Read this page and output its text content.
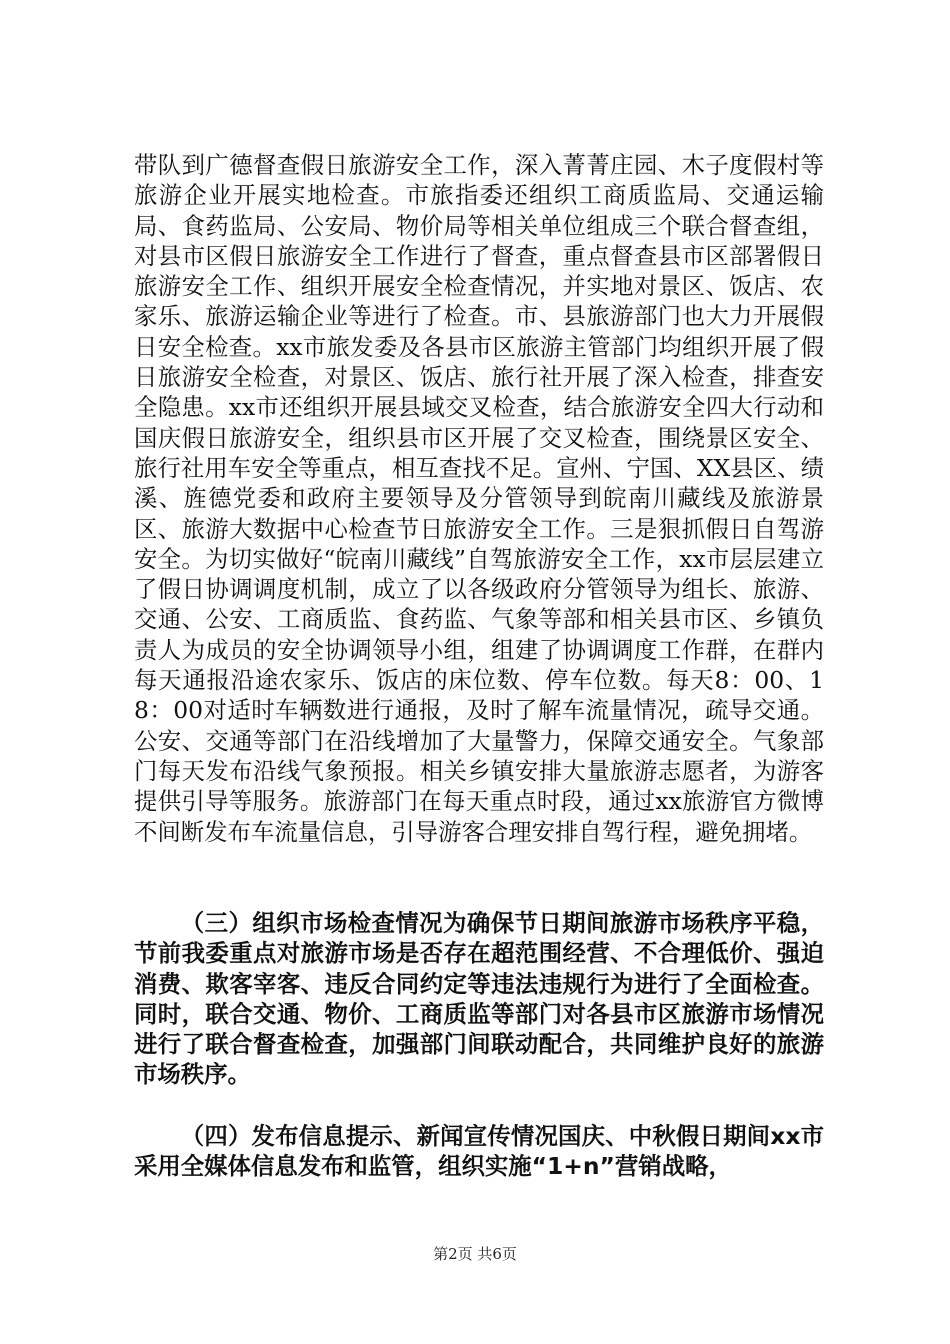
带队到广德督查假日旅游安全工作，深入菁菁庄园、木子度假村等旅游企业开展实地检查。市旅指委还组织工商质监局、交通运输局、食药监局、公安局、物价局等相关单位组成三个联合督查组，对县市区假日旅游安全工作进行了督查，重点督查县市区部署假日旅游安全工作、组织开展安全检查情况，并实地对景区、饭店、农家乐、旅游运输企业等进行了检查。市、县旅游部门也大力开展假日安全检查。xx市旅发委及各县市区旅游主管部门均组织开展了假日旅游安全检查，对景区、饭店、旅行社开展了深入检查，排查安全隐患。xx市还组织开展县域交叉检查，结合旅游安全四大行动和国庆假日旅游安全，组织县市区开展了交叉检查，围绕景区安全、旅行社用车安全等重点，相互查找不足。宣州、宁国、XX县区、绩溪、旌德党委和政府主要领导及分管领导到皖南川藏线及旅游景区、旅游大数据中心检查节日旅游安全工作。三是狠抓假日自驾游安全。为切实做好“皖南川藏线”自驾旅游安全工作，xx市层层建立了假日协调调度机制，成立了以各级政府分管领导为组长、旅游、交通、公安、工商质监、食药监、气象等部和相关县市区、乡镇负责人为成员的安全协调领导小组，组建了协调调度工作群，在群内每天通报沿途农家乐、饭店的床位数、停车位数。每天8：00、18：00对适时车辆数进行通报，及时了解车流量情况，疏导交通。公安、交通等部门在沿线增加了大量警力，保障交通安全。气象部门每天发布沿线气象预报。相关乡镇安排大量旅游志愿者，为游客提供引导等服务。旅游部门在每天重点时段，通过xx旅游官方微博不间断发布车流量信息，引导游客合理安排自驾行程，避免拥堵。
（三）组织市场检查情况为确保节日期间旅游市场秩序平稳，节前我委重点对旅游市场是否存在超范围经营、不合理低价、强迫消费、欺客宰客、违反合同约定等违法违规行为进行了全面检查。同时，联合交通、物价、工商质监等部门对各县市区旅游市场情况进行了联合督查检查，加强部门间联动配合，共同维护良好的旅游市场秩序。
（四）发布信息提示、新闻宣传情况国庆、中秋假日期间xx市采用全媒体信息发布和监管，组织实施“1+n”营销战略，
第2页 共6页
